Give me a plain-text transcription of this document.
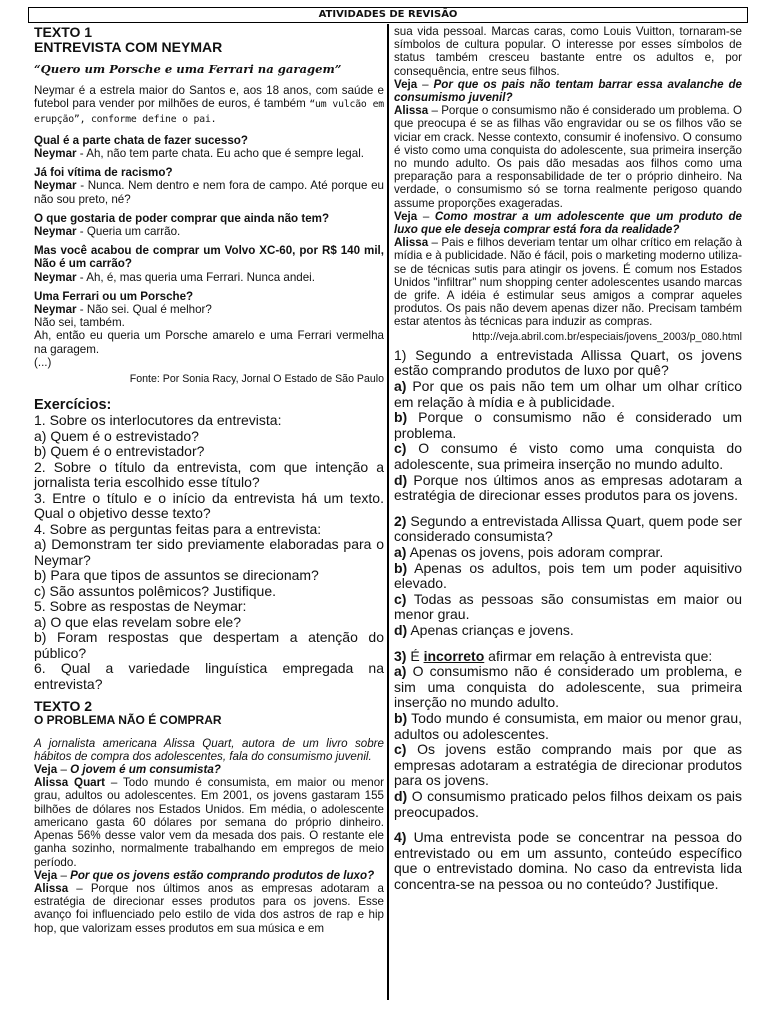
ATIVIDADES DE REVISÃO

TEXTO 1

ENTREVISTA COM NEYMAR

“Quero um Porsche e uma Ferrari na garagem”

Neymar é a estrela maior do Santos e, aos 18 anos, com saúde e futebol para vender por milhões de euros, é também “um vulcão em erupção”, conforme define o pai.

Qual é a parte chata de fazer sucesso?

Neymar - Ah, não tem parte chata. Eu acho que é sempre legal.

Já foi vítima de racismo?

Neymar - Nunca. Nem dentro e nem fora de campo. Até porque eu não sou preto, né?

O que gostaria de poder comprar que ainda não tem?

Neymar - Queria um carrão.

Mas você acabou de comprar um Volvo XC-60, por R$ 140 mil, Não é um carrão?

Neymar - Ah, é, mas queria uma Ferrari. Nunca andei.

Uma Ferrari ou um Porsche?

Neymar - Não sei. Qual é melhor?

Não sei, também.

Ah, então eu queria um Porsche amarelo e uma Ferrari vermelha na garagem.

(...)

Fonte: Por Sonia Racy, Jornal O Estado de São Paulo

Exercícios:

1. Sobre os interlocutores da entrevista:

a) Quem é o estrevistado?

b) Quem é o entrevistador?

2. Sobre o título da entrevista, com que intenção a jornalista teria escolhido esse título?

3. Entre o título e o início da entrevista há um texto. Qual o objetivo desse texto?

4. Sobre as perguntas feitas para a entrevista:

a) Demonstram ter sido previamente elaboradas para o Neymar?

b) Para que tipos de assuntos se direcionam?

c) São assuntos polêmicos? Justifique.

5. Sobre as respostas de Neymar:

a) O que elas revelam sobre ele?

b) Foram respostas que despertam a atenção do público?

6. Qual a variedade linguística empregada na entrevista?

TEXTO 2

O PROBLEMA NÃO É COMPRAR

A jornalista americana Alissa Quart, autora de um livro sobre hábitos de compra dos adolescentes, fala do consumismo juvenil.

Veja – O jovem é um consumista?

Alissa Quart – Todo mundo é consumista, em maior ou menor grau, adultos ou adolescentes. Em 2001, os jovens gastaram 155 bilhões de dólares nos Estados Unidos. Em média, o adolescente americano gasta 60 dólares por semana do próprio dinheiro. Apenas 56% desse valor vem da mesada dos pais. O restante ele ganha sozinho, normalmente trabalhando em empregos de meio período.

Veja – Por que os jovens estão comprando produtos de luxo?

Alissa – Porque nos últimos anos as empresas adotaram a estratégia de direcionar esses produtos para os jovens. Esse avanço foi influenciado pelo estilo de vida dos astros de rap e hip hop, que valorizam esses produtos em sua música e em

sua vida pessoal. Marcas caras, como Louis Vuitton, tornaram-se símbolos de cultura popular. O interesse por esses símbolos de status também cresceu bastante entre os adultos e, por consequência, entre seus filhos.

Veja – Por que os pais não tentam barrar essa avalanche de consumismo juvenil?

Alissa – Porque o consumismo não é considerado um problema. O que preocupa é se as filhas vão engravidar ou se os filhos vão se viciar em crack. Nesse contexto, consumir é inofensivo. O consumo é visto como uma conquista do adolescente, sua primeira inserção no mundo adulto. Os pais dão mesadas aos filhos como uma preparação para a responsabilidade de ter o próprio dinheiro. Na verdade, o consumismo só se torna realmente perigoso quando assume proporções exageradas.

Veja – Como mostrar a um adolescente que um produto de luxo que ele deseja comprar está fora da realidade?

Alissa – Pais e filhos deveriam tentar um olhar crítico em relação à mídia e à publicidade. Não é fácil, pois o marketing moderno utiliza-se de técnicas sutis para atingir os jovens. É comum nos Estados Unidos "infiltrar" num shopping center adolescentes usando marcas de grife. A idéia é estimular seus amigos a comprar aqueles produtos. Os pais não devem apenas dizer não. Precisam também estar atentos às técnicas para induzir as compras.

http://veja.abril.com.br/especiais/jovens_2003/p_080.html

1) Segundo a entrevistada Allissa Quart, os jovens estão comprando produtos de luxo por quê?

a) Por que os pais não tem um olhar um olhar crítico em relação à mídia e à publicidade.

b) Porque o consumismo não é considerado um problema.

c) O consumo é visto como uma conquista do adolescente, sua primeira inserção no mundo adulto.

d) Porque nos últimos anos as empresas adotaram a estratégia de direcionar esses produtos para os jovens.

2) Segundo a entrevistada Allissa Quart, quem pode ser considerado consumista?

a) Apenas os jovens, pois adoram comprar.

b) Apenas os adultos, pois tem um poder aquisitivo elevado.

c) Todas as pessoas são consumistas em maior ou menor grau.

d) Apenas crianças e jovens.

3) É incorreto afirmar em relação à entrevista que:

a) O consumismo não é considerado um problema, e sim uma conquista do adolescente, sua primeira inserção no mundo adulto.

b) Todo mundo é consumista, em maior ou menor grau, adultos ou adolescentes.

c) Os jovens estão comprando mais por que as empresas adotaram a estratégia de direcionar produtos para os jovens.

d) O consumismo praticado pelos filhos deixam os pais preocupados.

4) Uma entrevista pode se concentrar na pessoa do entrevistado ou em um assunto, conteúdo específico que o entrevistado domina. No caso da entrevista lida concentra-se na pessoa ou no conteúdo? Justifique.
